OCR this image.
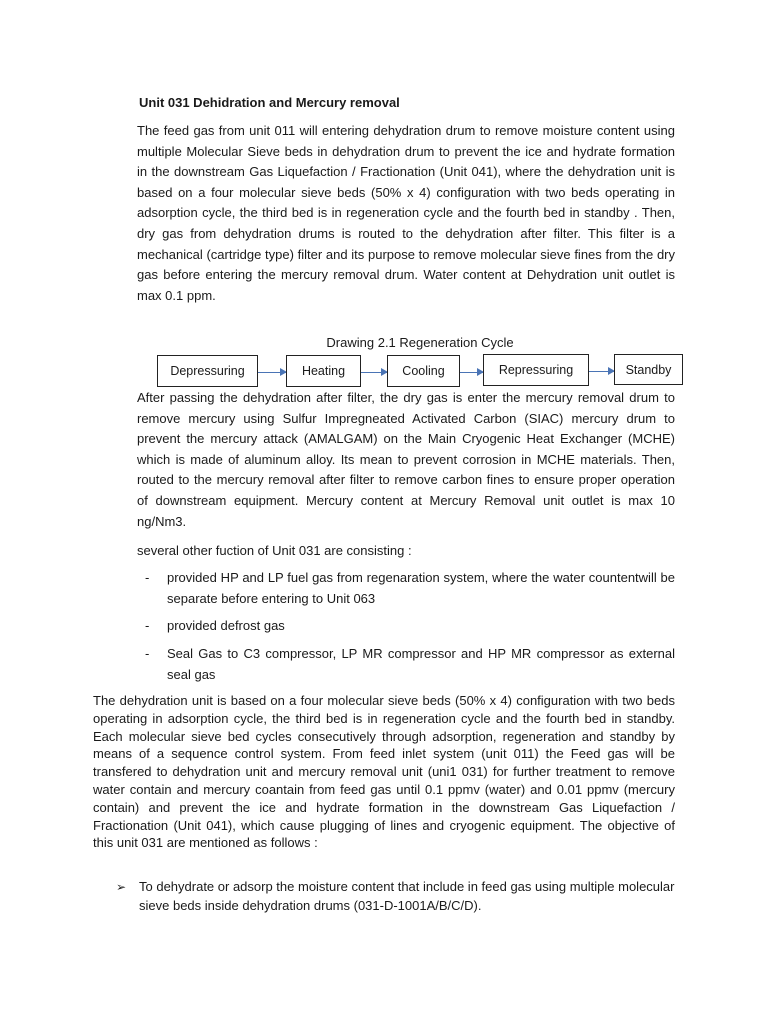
Unit 031 Dehidration and Mercury removal

The feed gas from unit 011 will entering dehydration drum to remove moisture content using multiple Molecular Sieve beds in dehydration drum to prevent the ice and hydrate formation in the downstream Gas Liquefaction / Fractionation (Unit 041), where the dehydration unit is based on a four molecular sieve beds (50% x 4) configuration with two beds operating in adsorption cycle, the third bed is in regeneration cycle and the fourth bed in standby . Then, dry gas from dehydration drums is routed to the dehydration after filter. This filter is a mechanical (cartridge type) filter and its purpose to remove molecular sieve fines from the dry gas before entering the mercury removal drum. Water content at Dehydration unit outlet is max 0.1 ppm.

Drawing 2.1 Regeneration Cycle
Depressuring	Heating	Cooling	Repressuring	Standby

After passing the dehydration after filter, the dry gas is enter the mercury removal drum to remove mercury using Sulfur Impregneated Activated Carbon (SIAC) mercury drum to prevent the mercury attack (AMALGAM) on the Main Cryogenic Heat Exchanger (MCHE) which is made of aluminum alloy. Its mean to prevent corrosion in MCHE materials. Then, routed to the mercury removal after filter to remove carbon fines to ensure proper operation of downstream equipment. Mercury content at Mercury Removal unit outlet is max 10 ng/Nm3.

several other fuction of Unit 031 are consisting :

- provided HP and LP fuel gas from regenaration system, where the water countentwill be separate before entering to Unit 063
- provided defrost gas
- Seal Gas to C3 compressor, LP MR compressor and HP MR compressor as external seal gas

The dehydration unit is based on a four molecular sieve beds (50% x 4) configuration with two beds operating in adsorption cycle, the third bed is in regeneration cycle and the fourth bed in standby. Each molecular sieve bed cycles consecutively through adsorption, regeneration and standby by means of a sequence control system. From feed inlet system (unit 011) the Feed gas will be transfered to dehydration unit and mercury removal unit (uni1 031) for further treatment to remove water contain and mercury coantain from feed gas until 0.1 ppmv (water) and 0.01 ppmv (mercury contain) and prevent the ice and hydrate formation in the downstream Gas Liquefaction / Fractionation (Unit 041), which cause plugging of lines and cryogenic equipment. The objective of this unit 031 are mentioned as follows :

➢ To dehydrate or adsorp the moisture content that include in feed gas using multiple molecular sieve beds inside dehydration drums (031-D-1001A/B/C/D).
